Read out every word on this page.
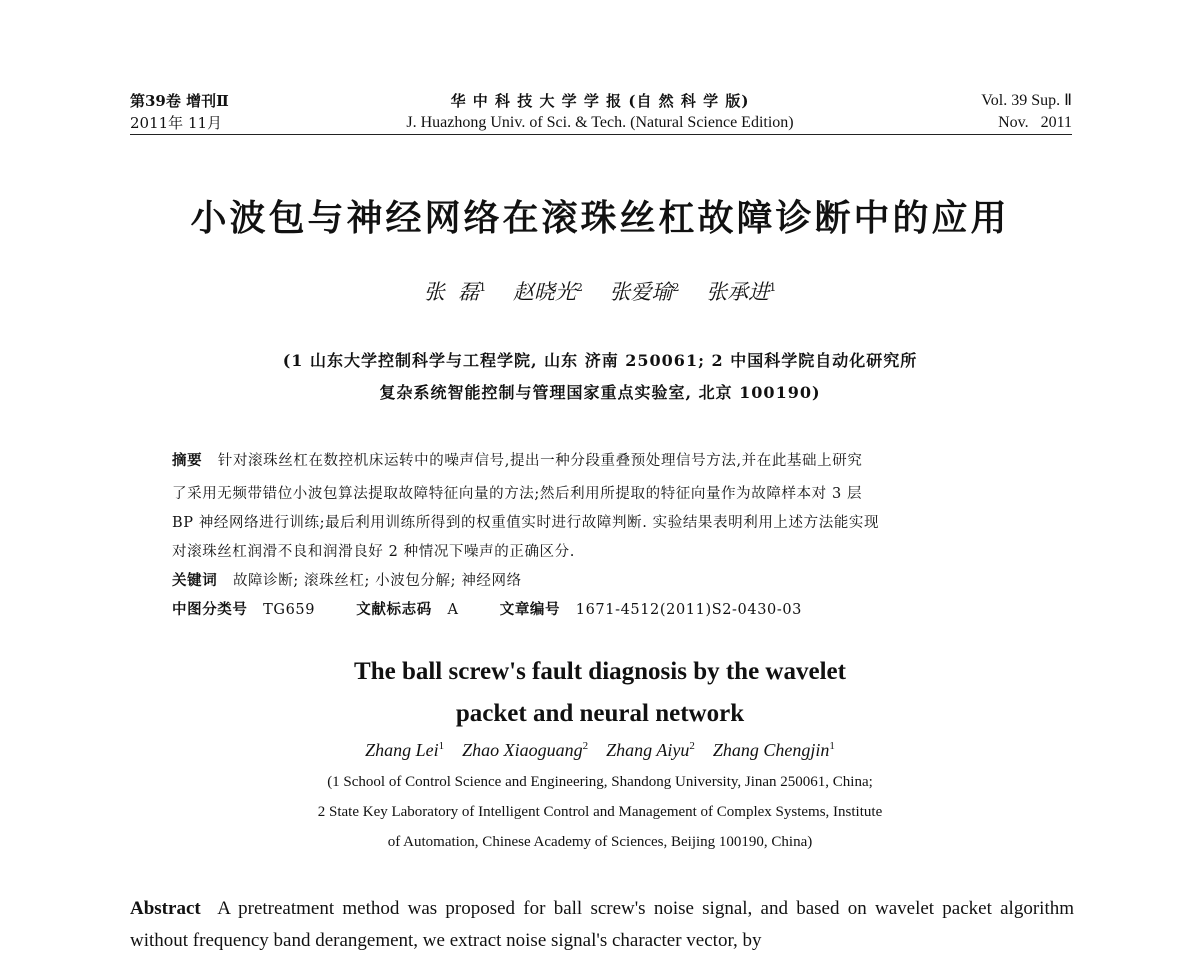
第39卷 增刊Ⅱ
2011年 11月
华 中 科 技 大 学 学 报 (自 然 科 学 版)
J. Huazhong Univ. of Sci. & Tech. (Natural Science Edition)
Vol. 39 Sup. Ⅱ
Nov.   2011
小波包与神经网络在滚珠丝杠故障诊断中的应用
张  磊$^1$ 赵晓光$^2$ 张爱瑜$^2$ 张承进$^1$
(1 山东大学控制科学与工程学院, 山东 济南 250061; 2 中国科学院自动化研究所
复杂系统智能控制与管理国家重点实验室, 北京 100190)
摘要 针对滚珠丝杠在数控机床运转中的噪声信号,提出一种分段重叠预处理信号方法,并在此基础上研究
了采用无频带错位小波包算法提取故障特征向量的方法;然后利用所提取的特征向量作为故障样本对 3 层
BP 神经网络进行训练;最后利用训练所得到的权重值实时进行故障判断. 实验结果表明利用上述方法能实现
对滚珠丝杠润滑不良和润滑良好 2 种情况下噪声的正确区分.
关键词 故障诊断; 滚珠丝杠; 小波包分解; 神经网络
中图分类号 TG659	文献标志码 A	文章编号 1671-4512(2011)S2-0430-03
The ball screw's fault diagnosis by the wavelet
packet and neural network
Zhang Lei$^1$ Zhao Xiaoguang$^2$ Zhang Aiyu$^2$ Zhang Chengjin$^1$
(1 School of Control Science and Engineering, Shandong University, Jinan 250061, China;
2 State Key Laboratory of Intelligent Control and Management of Complex Systems, Institute
of Automation, Chinese Academy of Sciences, Beijing 100190, China)
Abstract A pretreatment method was proposed for ball screw's noise signal, and based on wavelet packet algorithm without frequency band derangement, we extract noise signal's character vector, by
